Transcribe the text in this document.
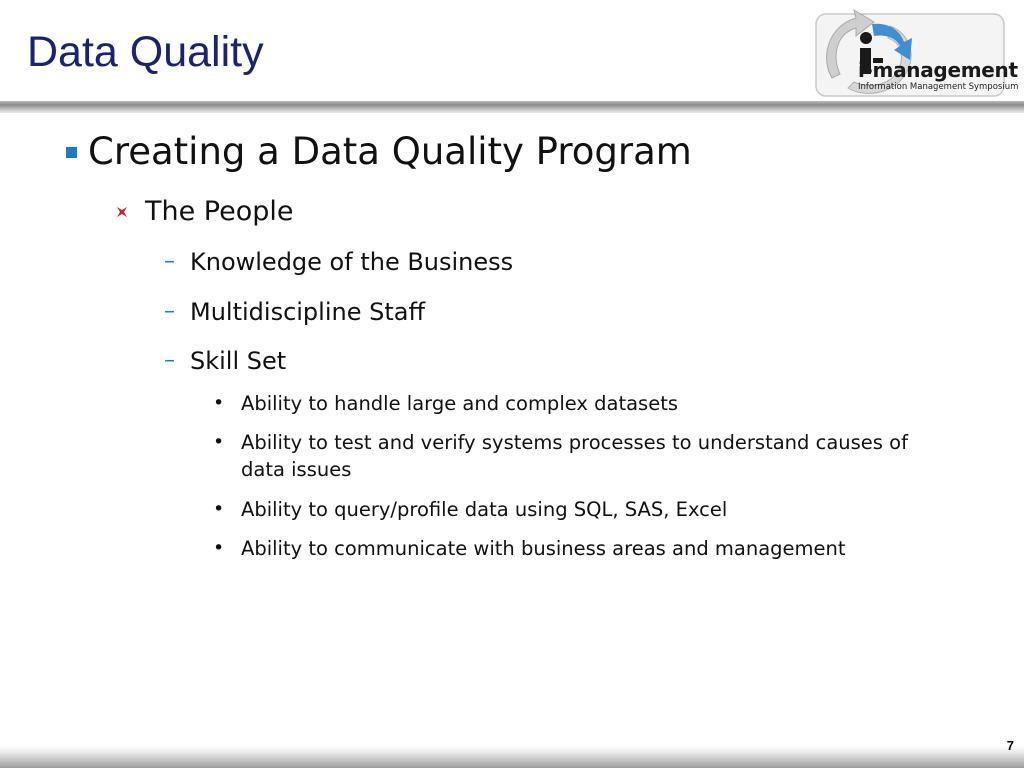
Data Quality	i-management
Information Management Symposium
Creating a Data Quality Program
The People
– Knowledge of the Business
– Multidiscipline Staff
– Skill Set
• Ability to handle large and complex datasets
• Ability to test and verify systems processes to understand causes of data issues
• Ability to query/profile data using SQL, SAS, Excel
• Ability to communicate with business areas and management
7
